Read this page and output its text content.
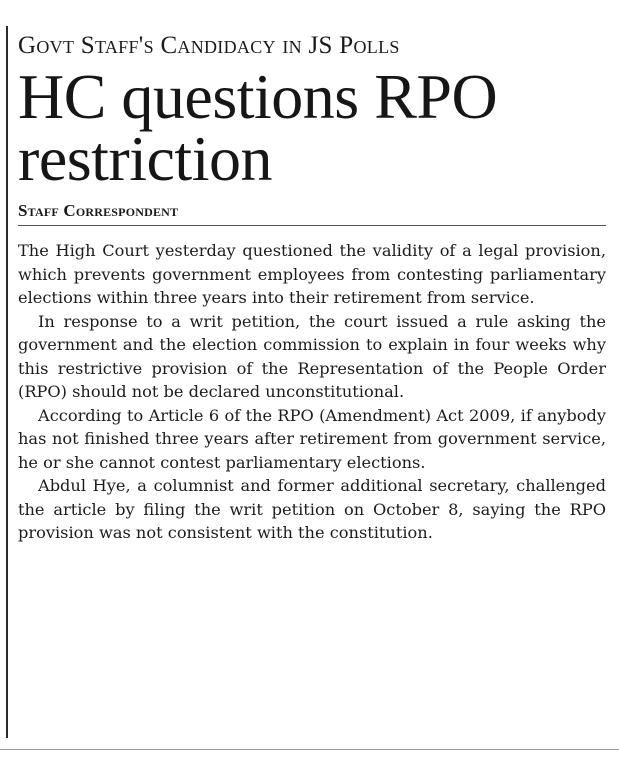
Govt Staff's Candidacy in JS Polls
HC questions RPO restriction
Staff Correspondent

The High Court yesterday questioned the validity of a legal provision, which prevents government employees from contesting parliamentary elections within three years into their retirement from service.

In response to a writ petition, the court issued a rule asking the government and the election commission to explain in four weeks why this restrictive provision of the Representation of the People Order (RPO) should not be declared unconstitutional.

According to Article 6 of the RPO (Amendment) Act 2009, if anybody has not finished three years after retirement from government service, he or she cannot contest parliamentary elections.

Abdul Hye, a columnist and former additional secretary, challenged the article by filing the writ petition on October 8, saying the RPO provision was not consistent with the constitution.
